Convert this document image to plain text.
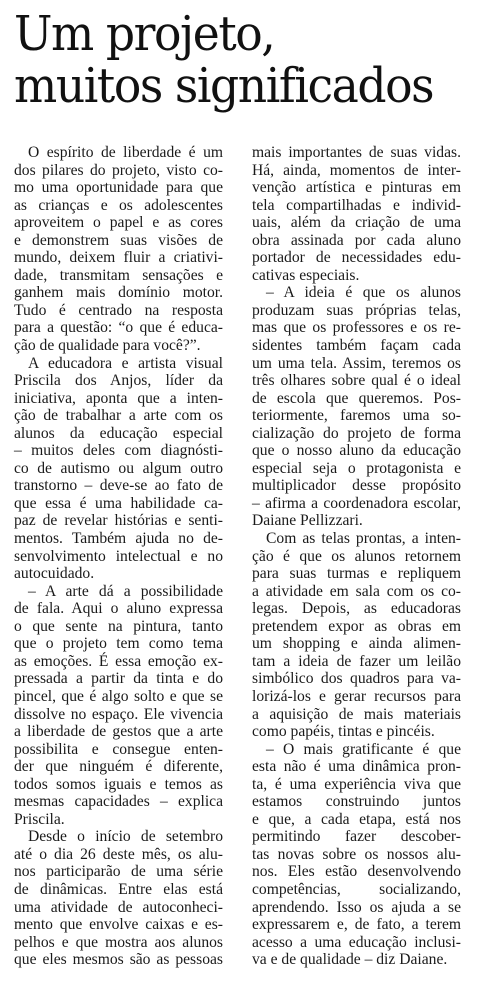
Um projeto,
muitos significados
O espírito de liberdade é um
dos pilares do projeto, visto co-
mo uma oportunidade para que
as crianças e os adolescentes
aproveitem o papel e as cores
e demonstrem suas visões de
mundo, deixem fluir a criativi-
dade, transmitam sensações e
ganhem mais domínio motor.
Tudo é centrado na resposta
para a questão: “o que é educa-
ção de qualidade para você?”.
A educadora e artista visual
Priscila dos Anjos, líder da
iniciativa, aponta que a inten-
ção de trabalhar a arte com os
alunos da educação especial
– muitos deles com diagnósti-
co de autismo ou algum outro
transtorno – deve-se ao fato de
que essa é uma habilidade ca-
paz de revelar histórias e senti-
mentos. Também ajuda no de-
senvolvimento intelectual e no
autocuidado.
– A arte dá a possibilidade
de fala. Aqui o aluno expressa
o que sente na pintura, tanto
que o projeto tem como tema
as emoções. É essa emoção ex-
pressada a partir da tinta e do
pincel, que é algo solto e que se
dissolve no espaço. Ele vivencia
a liberdade de gestos que a arte
possibilita e consegue enten-
der que ninguém é diferente,
todos somos iguais e temos as
mesmas capacidades – explica
Priscila.
Desde o início de setembro
até o dia 26 deste mês, os alu-
nos participarão de uma série
de dinâmicas. Entre elas está
uma atividade de autoconheci-
mento que envolve caixas e es-
pelhos e que mostra aos alunos
que eles mesmos são as pessoas
mais importantes de suas vidas.
Há, ainda, momentos de inter-
venção artística e pinturas em
tela compartilhadas e individ-
uais, além da criação de uma
obra assinada por cada aluno
portador de necessidades edu-
cativas especiais.
– A ideia é que os alunos
produzam suas próprias telas,
mas que os professores e os re-
sidentes também façam cada
um uma tela. Assim, teremos os
três olhares sobre qual é o ideal
de escola que queremos. Pos-
teriormente, faremos uma so-
cialização do projeto de forma
que o nosso aluno da educação
especial seja o protagonista e
multiplicador desse propósito
– afirma a coordenadora escolar,
Daiane Pellizzari.
Com as telas prontas, a inten-
ção é que os alunos retornem
para suas turmas e repliquem
a atividade em sala com os co-
legas. Depois, as educadoras
pretendem expor as obras em
um shopping e ainda alimen-
tam a ideia de fazer um leilão
simbólico dos quadros para va-
lorizá-los e gerar recursos para
a aquisição de mais materiais
como papéis, tintas e pincéis.
– O mais gratificante é que
esta não é uma dinâmica pron-
ta, é uma experiência viva que
estamos construindo juntos
e que, a cada etapa, está nos
permitindo fazer descober-
tas novas sobre os nossos alu-
nos. Eles estão desenvolvendo
competências, socializando,
aprendendo. Isso os ajuda a se
expressarem e, de fato, a terem
acesso a uma educação inclusi-
va e de qualidade – diz Daiane.
